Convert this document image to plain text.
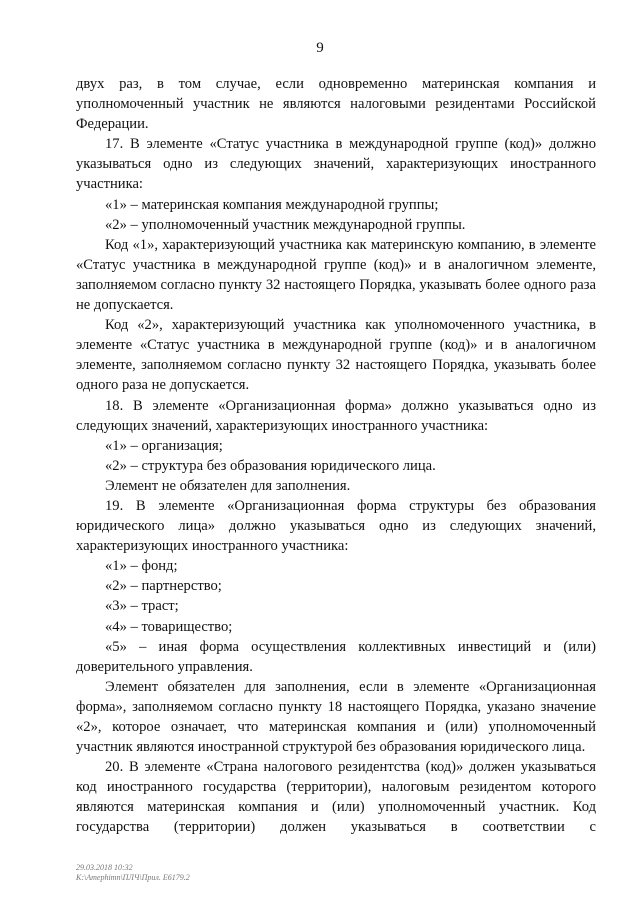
9

двух раз, в том случае, если одновременно материнская компания и уполномоченный участник не являются налоговыми резидентами Российской Федерации.

17. В элементе «Статус участника в международной группе (код)» должно указываться одно из следующих значений, характеризующих иностранного участника:

«1» – материнская компания международной группы;

«2» – уполномоченный участник международной группы.

Код «1», характеризующий участника как материнскую компанию, в элементе «Статус участника в международной группе (код)» и в аналогичном элементе, заполняемом согласно пункту 32 настоящего Порядка, указывать более одного раза не допускается.

Код «2», характеризующий участника как уполномоченного участника, в элементе «Статус участника в международной группе (код)» и в аналогичном элементе, заполняемом согласно пункту 32 настоящего Порядка, указывать более одного раза не допускается.

18. В элементе «Организационная форма» должно указываться одно из следующих значений, характеризующих иностранного участника:

«1» – организация;

«2» – структура без образования юридического лица.

Элемент не обязателен для заполнения.

19. В элементе «Организационная форма структуры без образования юридического лица» должно указываться одно из следующих значений, характеризующих иностранного участника:

«1» – фонд;

«2» – партнерство;

«3» – траст;

«4» – товарищество;

«5» – иная форма осуществления коллективных инвестиций и (или) доверительного управления.

Элемент обязателен для заполнения, если в элементе «Организационная форма», заполняемом согласно пункту 18 настоящего Порядка, указано значение «2», которое означает, что материнская компания и (или) уполномоченный участник являются иностранной структурой без образования юридического лица.

20. В элементе «Страна налогового резидентства (код)» должен указываться код иностранного государства (территории), налоговым резидентом которого являются материнская компания и (или) уполномоченный участник. Код государства (территории) должен указываться в соответствии с

29.03.2018 10:32
K:\Amephimn\ПЛЧ\Прил. Е6179.2
